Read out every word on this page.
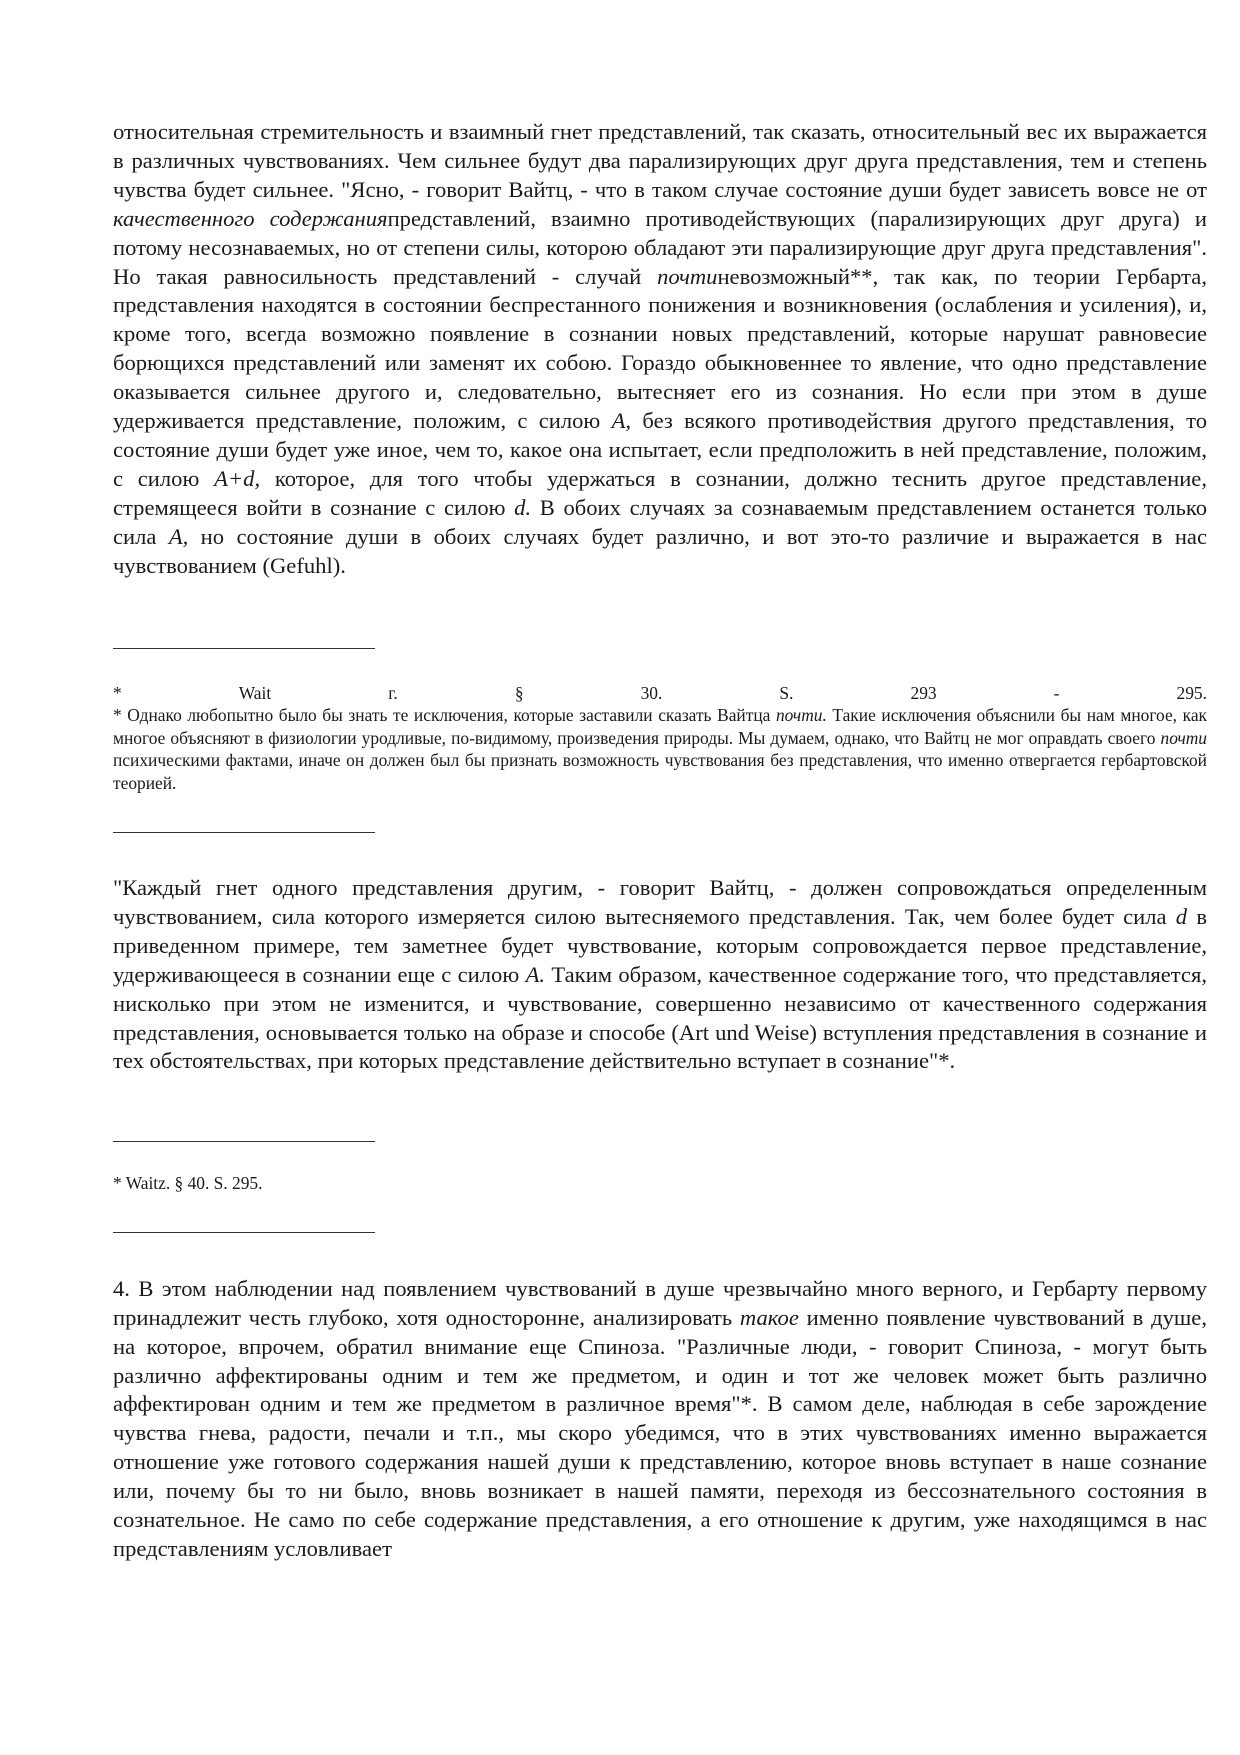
относительная стремительность и взаимный гнет представлений, так сказать, относительный вес их выражается в различных чувствованиях. Чем сильнее будут два парализирующих друг друга представления, тем и степень чувства будет сильнее. "Ясно, - говорит Вайтц, - что в таком случае состояние души будет зависеть вовсе не от качественного содержанияпредставлений, взаимно противодействующих (парализирующих друг друга) и потому несознаваемых, но от степени силы, которою обладают эти парализирующие друг друга представления". Но такая равносильность представлений - случай почтиневозможный**, так как, по теории Гербарта, представления находятся в состоянии беспрестанного понижения и возникновения (ослабления и усиления), и, кроме того, всегда возможно появление в сознании новых представлений, которые нарушат равновесие борющихся представлений или заменят их собою. Гораздо обыкновеннее то явление, что одно представление оказывается сильнее другого и, следовательно, вытесняет его из сознания. Но если при этом в душе удерживается представление, положим, с силою А, без всякого противодействия другого представления, то состояние души будет уже иное, чем то, какое она испытает, если предположить в ней представление, положим, с силою A+d, которое, для того чтобы удержаться в сознании, должно теснить другое представление, стремящееся войти в сознание с силою d. В обоих случаях за сознаваемым представлением останется только сила А, но состояние души в обоих случаях будет различно, и вот это-то различие и выражается в нас чувствованием (Gefuhl).

*	Wait	г.	§	30.	S.	293	-	295.

* Однако любопытно было бы знать те исключения, которые заставили сказать Вайтца почти. Такие исключения объяснили бы нам многое, как многое объясняют в физиологии уродливые, по-видимому, произведения природы. Мы думаем, однако, что Вайтц не мог оправдать своего почти психическими фактами, иначе он должен был бы признать возможность чувствования без представления, что именно отвергается гербартовской теорией.

"Каждый гнет одного представления другим, - говорит Вайтц, - должен сопровождаться определенным чувствованием, сила которого измеряется силою вытесняемого представления. Так, чем более будет сила d в приведенном примере, тем заметнее будет чувствование, которым сопровождается первое представление, удерживающееся в сознании еще с силою А. Таким образом, качественное содержание того, что представляется, нисколько при этом не изменится, и чувствование, совершенно независимо от качественного содержания представления, основывается только на образе и способе (Art und Weise) вступления представления в сознание и тех обстоятельствах, при которых представление действительно вступает в сознание"*.

* Waitz. § 40. S. 295.

4. В этом наблюдении над появлением чувствований в душе чрезвычайно много верного, и Гербарту первому принадлежит честь глубоко, хотя односторонне, анализировать такое именно появление чувствований в душе, на которое, впрочем, обратил внимание еще Спиноза. "Различные люди, - говорит Спиноза, - могут быть различно аффектированы одним и тем же предметом, и один и тот же человек может быть различно аффектирован одним и тем же предметом в различное время"*. В самом деле, наблюдая в себе зарождение чувства гнева, радости, печали и т.п., мы скоро убедимся, что в этих чувствованиях именно выражается отношение уже готового содержания нашей души к представлению, которое вновь вступает в наше сознание или, почему бы то ни было, вновь возникает в нашей памяти, переходя из бессознательного состояния в сознательное. Не само по себе содержание представления, а его отношение к другим, уже находящимся в нас представлениям условливает
